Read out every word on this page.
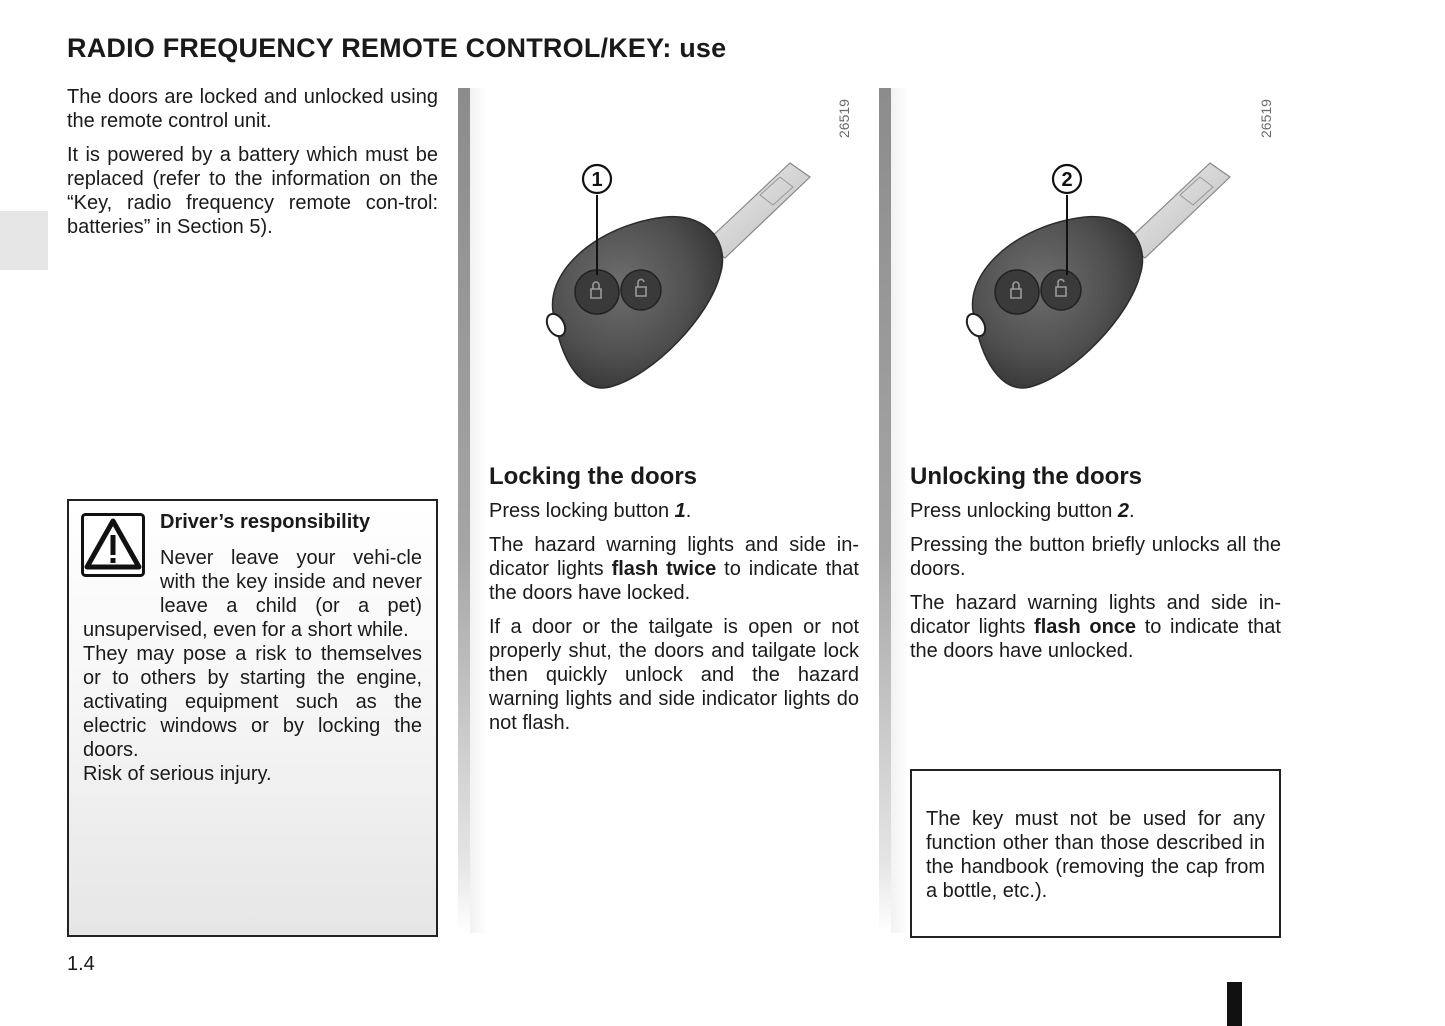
RADIO FREQUENCY REMOTE CONTROL/KEY: use

The doors are locked and unlocked using the remote control unit.

It is powered by a battery which must be replaced (refer to the information on the “Key, radio frequency remote con-trol: batteries” in Section 5).

Driver’s responsibility
Never leave your vehi-cle with the key inside and never leave a child (or a pet) unsupervised, even for a short while.
They may pose a risk to themselves or to others by starting the engine, activating equipment such as the electric windows or by locking the doors.
Risk of serious injury.
26519
1
26519
2
Locking the doors

Press locking button 1.

The hazard warning lights and side in-dicator lights flash twice to indicate that the doors have locked.

If a door or the tailgate is open or not properly shut, the doors and tailgate lock then quickly unlock and the hazard warning lights and side indicator lights do not flash.

Unlocking the doors

Press unlocking button 2.

Pressing the button briefly unlocks all the doors.

The hazard warning lights and side in-dicator lights flash once to indicate that the doors have unlocked.

The key must not be used for any function other than those described in the handbook (removing the cap from a bottle, etc.).
1.4
